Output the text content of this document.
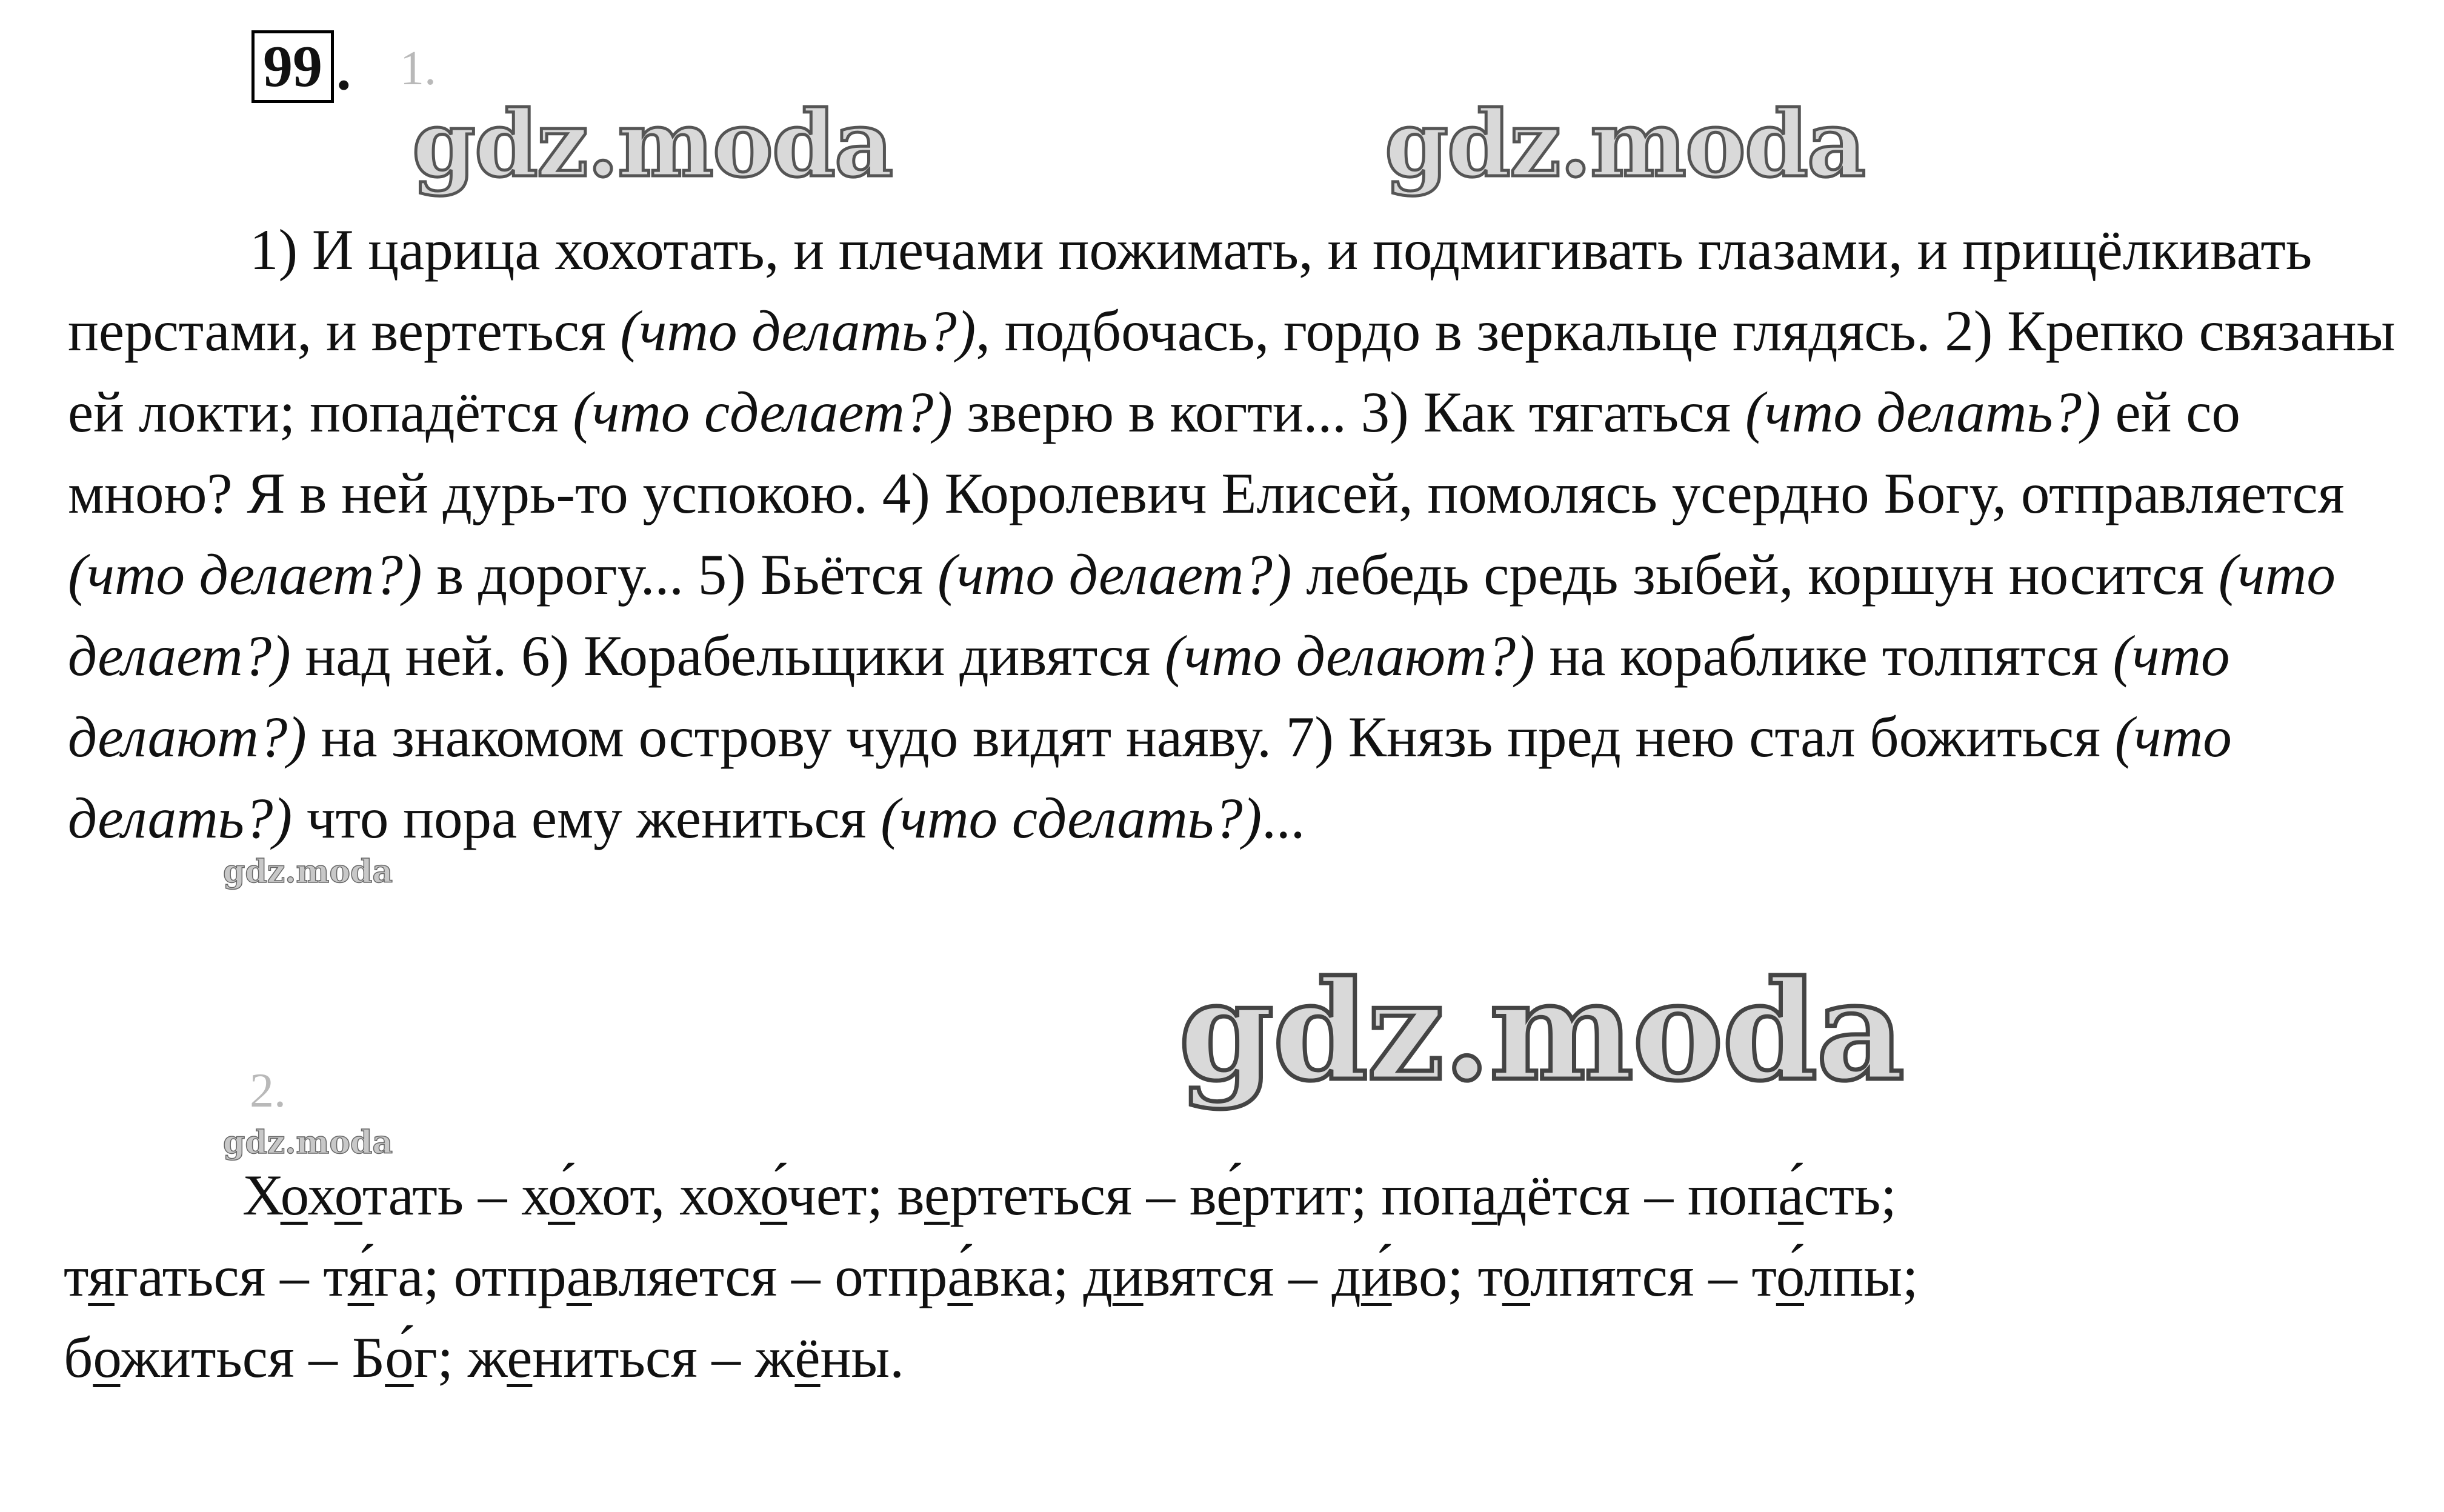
99 . 1.
gdz.moda	gdz.moda

1) И царица хохотать, и плечами пожимать, и подмигивать глазами, и прищёлкивать перстами, и вертеться (что делать?), подбочась, гордо в зеркальце глядясь. 2) Крепко связаны ей локти; попадётся (что сделает?) зверю в когти... 3) Как тягаться (что делать?) ей со мною? Я в ней дурь-то успокою. 4) Королевич Елисей, помолясь усердно Богу, отправляется (что делает?) в дорогу... 5) Бьётся (что делает?) лебедь средь зыбей, коршун носится (что делает?) над ней. 6) Корабельщики дивятся (что делают?) на кораблике толпятся (что делают?) на знакомом острову чудо видят наяву. 7) Князь пред нею стал божиться (что делать?) что пора ему жениться (что сделать?)...

gdz.moda
gdz.moda
2.
gdz.moda
Хохотать – хо́хот, хохо́чет; вертеться – ве́ртит; попадётся – попа́сть;
тягаться – тя́га; отправляется – отпра́вка; дивятся – ди́во; толпятся – то́лпы;
божиться – Бо́г; жениться – жёны.
